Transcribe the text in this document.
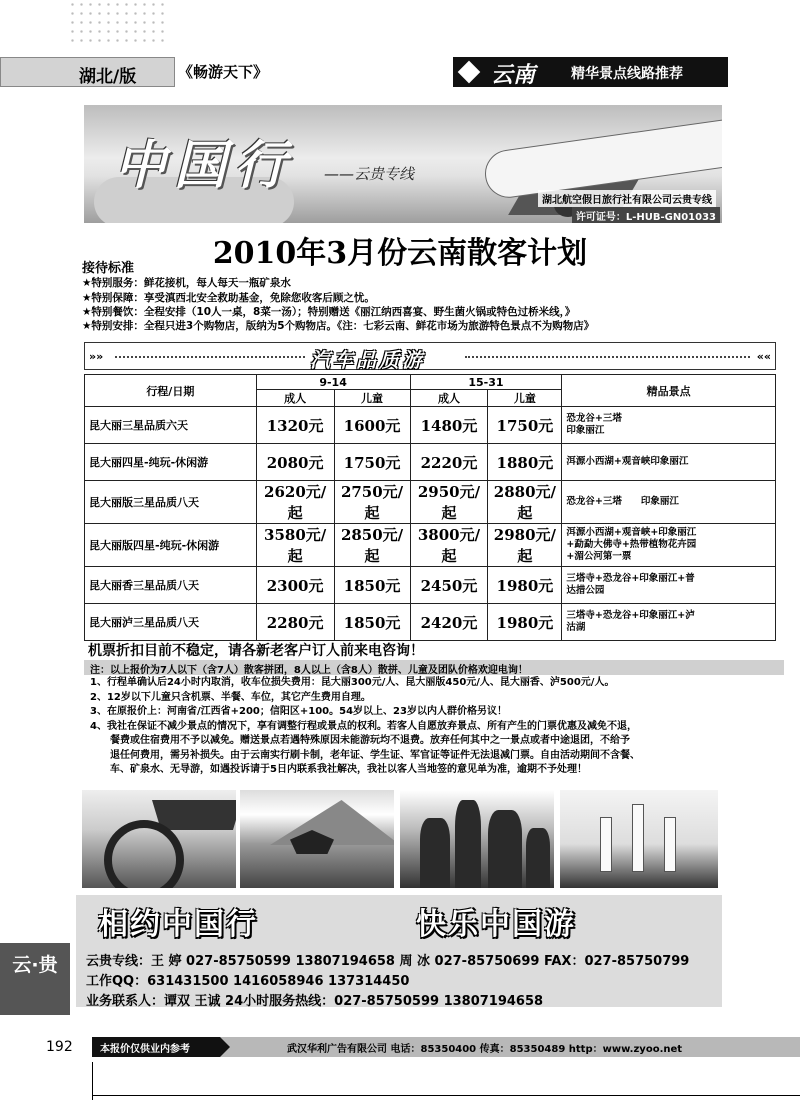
湖北/版	《畅游天下》	云南	精华景点线路推荐
中国行 ——云贵专线
湖北航空假日旅行社有限公司云贵专线
许可证号：L-HUB-GN01033
2010年3月份云南散客计划
接待标准
★特别服务：鲜花接机，每人每天一瓶矿泉水
★特别保障：享受滇西北安全救助基金，免除您收客后顾之忧。
★特别餐饮：全程安排（10人一桌，8菜一汤）；特别赠送《丽江纳西喜宴、野生菌火锅或特色过桥米线，》
★特别安排：全程只进3个购物店，版纳为5个购物店。《注：七彩云南、鲜花市场为旅游特色景点不为购物店》
»»	汽车品质游	««
行程/日期	9-14		15-31		精品景点
	成人	儿童	成人	儿童	
昆大丽三星品质六天	1320元	1600元	1480元	1750元	恐龙谷+三塔
印象丽江
昆大丽四星-纯玩-休闲游	2080元	1750元	2220元	1880元	洱源小西湖+观音峡印象丽江
昆大丽版三星品质八天	2620元/起	2750元/起	2950元/起	2880元/起	恐龙谷+三塔　　印象丽江
昆大丽版四星-纯玩-休闲游	3580元/起	2850元/起	3800元/起	2980元/起	洱源小西湖+观音峡+印象丽江
+勐勐大佛寺+热带植物花卉园
+湄公河第一票
昆大丽香三星品质八天	2300元	1850元	2450元	1980元	三塔寺+恐龙谷+印象丽江+普
达措公园
昆大丽泸三星品质八天	2280元	1850元	2420元	1980元	三塔寺+恐龙谷+印象丽江+泸
沽湖
机票折扣目前不稳定，请各新老客户订人前来电咨询！
注：以上报价为7人以下（含7人）散客拼团，8人以上（含8人）散拼、儿童及团队价格欢迎电询！
1、行程单确认后24小时内取消，收车位损失费用：昆大丽300元/人、昆大丽版450元/人、昆大丽香、泸500元/人。
2、12岁以下儿童只含机票、半餐、车位，其它产生费用自理。
3、在原报价上：河南省/江西省+200；信阳区+100。54岁以上、23岁以内人群价格另议！
4、我社在保证不减少景点的情况下，享有调整行程或景点的权利。若客人自愿放弃景点、所有产生的门票优惠及减免不退，
　　餐费或住宿费用不予以减免。赠送景点若遇特殊原因未能游玩均不退费。放弃任何其中之一景点或者中途退团，不给予
　　退任何费用，需另补损失。由于云南实行刷卡制，老年证、学生证、军官证等证件无法退减门票。自由活动期间不含餐、
　　车、矿泉水、无导游，如遇投诉请于5日内联系我社解决，我社以客人当地签的意见单为准，逾期不予处理！
相约中国行	快乐中国游
云贵专线：王 婷 027-85750599 13807194658 周 冰 027-85750699 FAX：027-85750799
工作QQ：631431500 1416058946 137314450
业务联系人：谭双 王诚 24小时服务热线：027-85750599 13807194658
云·贵
192	本报价仅供业内参考	武汉华利广告有限公司 电话：85350400 传真：85350489 http：www.zyoo.net
